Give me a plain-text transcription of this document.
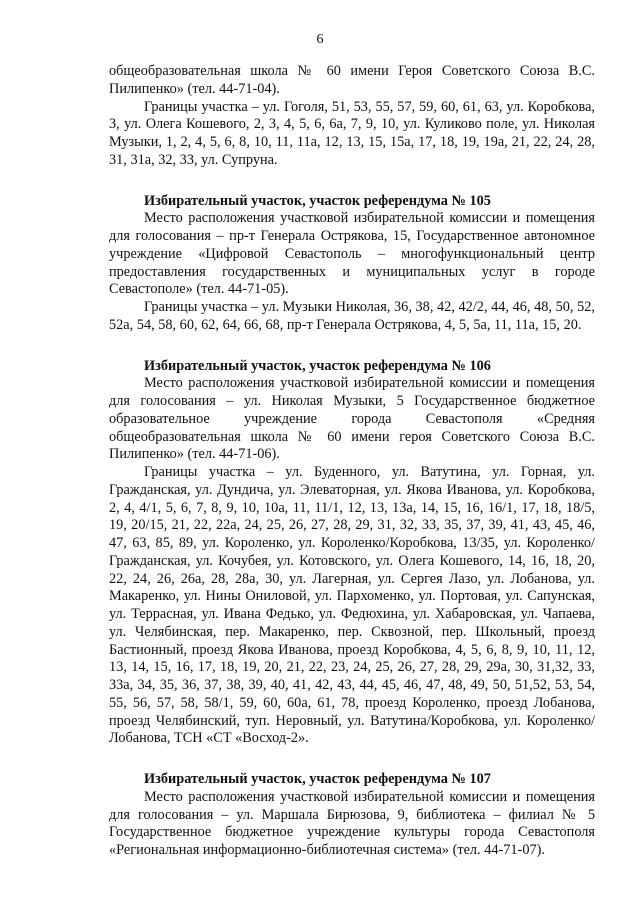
6

общеобразовательная школа № 60 имени Героя Советского Союза В.С. Пилипенко» (тел. 44-71-04).

Границы участка – ул. Гоголя, 51, 53, 55, 57, 59, 60, 61, 63, ул. Коробкова, 3, ул. Олега Кошевого, 2, 3, 4, 5, 6, 6а, 7, 9, 10, ул. Куликово поле, ул. Николая Музыки, 1, 2, 4, 5, 6, 8, 10, 11, 11а, 12, 13, 15, 15а, 17, 18, 19, 19а, 21, 22, 24, 28, 31, 31а, 32, 33, ул. Супруна.

Избирательный участок, участок референдума № 105

Место расположения участковой избирательной комиссии и помещения для голосования – пр-т Генерала Острякова, 15, Государственное автономное учреждение «Цифровой Севастополь – многофункциональный центр предоставления государственных и муниципальных услуг в городе Севастополе» (тел. 44-71-05).

Границы участка – ул. Музыки Николая, 36, 38, 42, 42/2, 44, 46, 48, 50, 52, 52а, 54, 58, 60, 62, 64, 66, 68, пр-т Генерала Острякова, 4, 5, 5а, 11, 11а, 15, 20.

Избирательный участок, участок референдума № 106

Место расположения участковой избирательной комиссии и помещения для голосования – ул. Николая Музыки, 5 Государственное бюджетное образовательное учреждение города Севастополя «Средняя общеобразовательная школа № 60 имени героя Советского Союза В.С. Пилипенко» (тел. 44-71-06).

Границы участка – ул. Буденного, ул. Ватутина, ул. Горная, ул. Гражданская, ул. Дундича, ул. Элеваторная, ул. Якова Иванова, ул. Коробкова, 2, 4, 4/1, 5, 6, 7, 8, 9, 10, 10а, 11, 11/1, 12, 13, 13а, 14, 15, 16, 16/1, 17, 18, 18/5, 19, 20/15, 21, 22, 22а, 24, 25, 26, 27, 28, 29, 31, 32, 33, 35, 37, 39, 41, 43, 45, 46, 47, 63, 85, 89, ул. Короленко, ул. Короленко/Коробкова, 13/35, ул. Короленко/Гражданская, ул. Кочубея, ул. Котовского, ул. Олега Кошевого, 14, 16, 18, 20, 22, 24, 26, 26а, 28, 28а, 30, ул. Лагерная, ул. Сергея Лазо, ул. Лобанова, ул. Макаренко, ул. Нины Ониловой, ул. Пархоменко, ул. Портовая, ул. Сапунская, ул. Террасная, ул. Ивана Федько, ул. Федюхина, ул. Хабаровская, ул. Чапаева, ул. Челябинская, пер. Макаренко, пер. Сквозной, пер. Школьный, проезд Бастионный, проезд Якова Иванова, проезд Коробкова, 4, 5, 6, 8, 9, 10, 11, 12, 13, 14, 15, 16, 17, 18, 19, 20, 21, 22, 23, 24, 25, 26, 27, 28, 29, 29а, 30, 31,32, 33, 33а, 34, 35, 36, 37, 38, 39, 40, 41, 42, 43, 44, 45, 46, 47, 48, 49, 50, 51,52, 53, 54, 55, 56, 57, 58, 58/1, 59, 60, 60а, 61, 78, проезд Короленко, проезд Лобанова, проезд Челябинский, туп. Неровный, ул. Ватутина/Коробкова, ул. Короленко/Лобанова, ТСН «СТ «Восход-2».

Избирательный участок, участок референдума № 107

Место расположения участковой избирательной комиссии и помещения для голосования – ул. Маршала Бирюзова, 9, библиотека – филиал № 5 Государственное бюджетное учреждение культуры города Севастополя «Региональная информационно-библиотечная система» (тел. 44-71-07).
